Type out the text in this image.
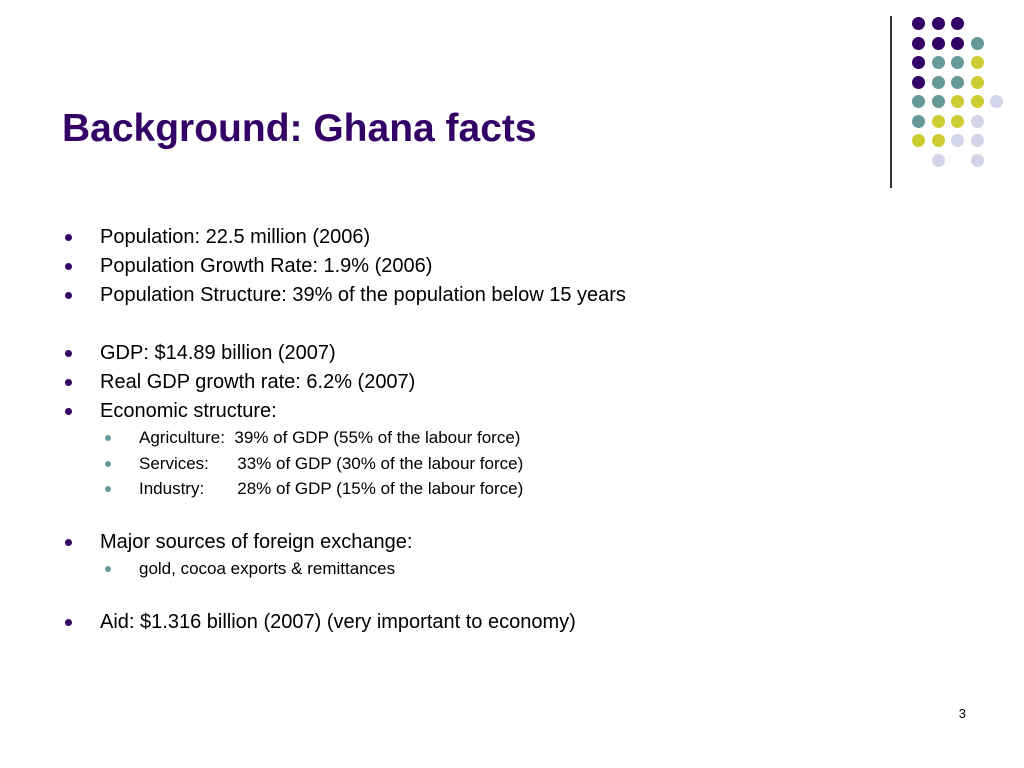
Background: Ghana facts
Population: 22.5 million (2006)
Population Growth Rate: 1.9% (2006)
Population Structure: 39% of the population below 15 years
GDP: $14.89 billion (2007)
Real GDP growth rate: 6.2% (2007)
Economic structure:
Agriculture:  39% of GDP (55% of the labour force)
Services:      33% of GDP (30% of the labour force)
Industry:       28% of GDP (15% of the labour force)
Major sources of foreign exchange:
gold, cocoa exports & remittances
Aid: $1.316 billion (2007) (very important to economy)
3
